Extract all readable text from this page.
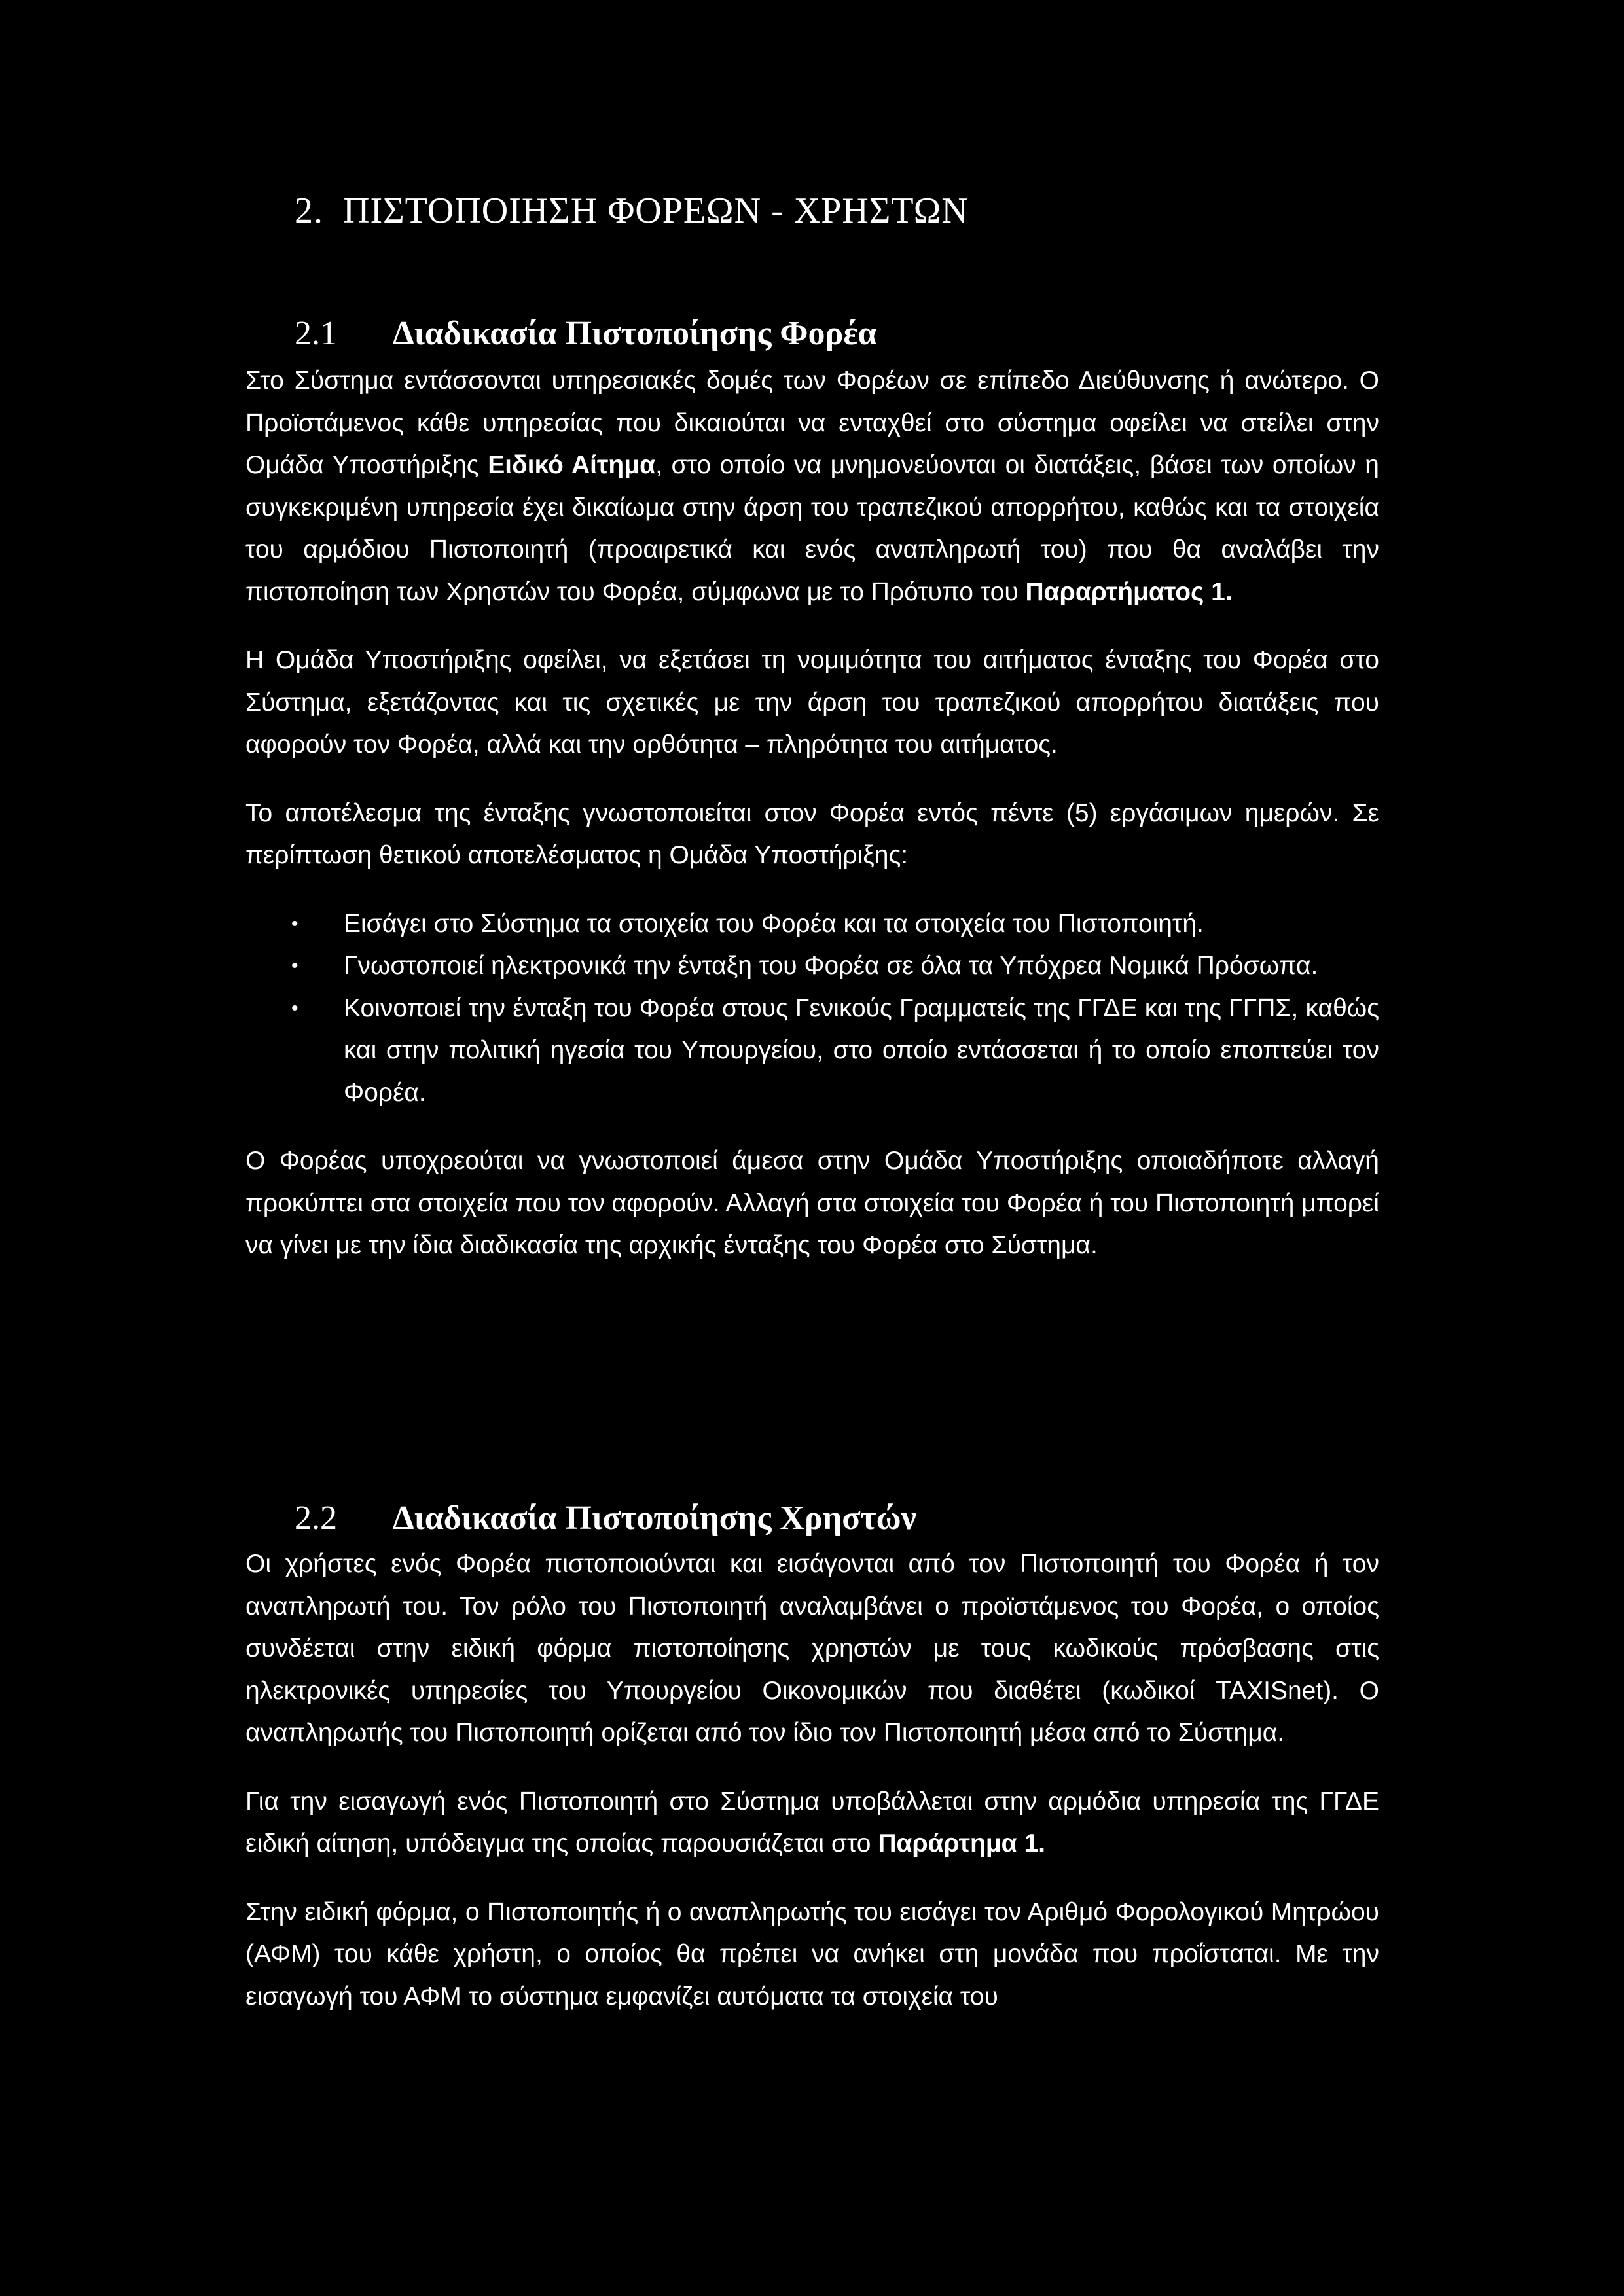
2. ΠΙΣΤΟΠΟΙΗΣΗ ΦΟΡΕΩΝ - ΧΡΗΣΤΩΝ
2.1 Διαδικασία Πιστοποίησης Φορέα

Στο Σύστημα εντάσσονται υπηρεσιακές δομές των Φορέων σε επίπεδο Διεύθυνσης ή ανώτερο. Ο Προϊστάμενος κάθε υπηρεσίας που δικαιούται να ενταχθεί στο σύστημα οφείλει να στείλει στην Ομάδα Υποστήριξης Ειδικό Αίτημα, στο οποίο να μνημονεύονται οι διατάξεις, βάσει των οποίων η συγκεκριμένη υπηρεσία έχει δικαίωμα στην άρση του τραπεζικού απορρήτου, καθώς και τα στοιχεία του αρμόδιου Πιστοποιητή (προαιρετικά και ενός αναπληρωτή του) που θα αναλάβει την πιστοποίηση των Χρηστών του Φορέα, σύμφωνα με το Πρότυπο του Παραρτήματος 1.

Η Ομάδα Υποστήριξης οφείλει, να εξετάσει τη νομιμότητα του αιτήματος ένταξης του Φορέα στο Σύστημα, εξετάζοντας και τις σχετικές με την άρση του τραπεζικού απορρήτου διατάξεις που αφορούν τον Φορέα, αλλά και την ορθότητα – πληρότητα του αιτήματος.

Το αποτέλεσμα της ένταξης γνωστοποιείται στον Φορέα εντός πέντε (5) εργάσιμων ημερών. Σε περίπτωση θετικού αποτελέσματος η Ομάδα Υποστήριξης:

• Εισάγει στο Σύστημα τα στοιχεία του Φορέα και τα στοιχεία του Πιστοποιητή.
• Γνωστοποιεί ηλεκτρονικά την ένταξη του Φορέα σε όλα τα Υπόχρεα Νομικά Πρόσωπα.
• Κοινοποιεί την ένταξη του Φορέα στους Γενικούς Γραμματείς της ΓΓΔΕ και της ΓΓΠΣ, καθώς και στην πολιτική ηγεσία του Υπουργείου, στο οποίο εντάσσεται ή το οποίο εποπτεύει τον Φορέα.

Ο Φορέας υποχρεούται να γνωστοποιεί άμεσα στην Ομάδα Υποστήριξης οποιαδήποτε αλλαγή προκύπτει στα στοιχεία που τον αφορούν. Αλλαγή στα στοιχεία του Φορέα ή του Πιστοποιητή μπορεί να γίνει με την ίδια διαδικασία της αρχικής ένταξης του Φορέα στο Σύστημα.

2.2 Διαδικασία Πιστοποίησης Χρηστών

Οι χρήστες ενός Φορέα πιστοποιούνται και εισάγονται από τον Πιστοποιητή του Φορέα ή τον αναπληρωτή του. Τον ρόλο του Πιστοποιητή αναλαμβάνει ο προϊστάμενος του Φορέα, ο οποίος συνδέεται στην ειδική φόρμα πιστοποίησης χρηστών με τους κωδικούς πρόσβασης στις ηλεκτρονικές υπηρεσίες του Υπουργείου Οικονομικών που διαθέτει (κωδικοί TAXISnet). Ο αναπληρωτής του Πιστοποιητή ορίζεται από τον ίδιο τον Πιστοποιητή μέσα από το Σύστημα.

Για την εισαγωγή ενός Πιστοποιητή στο Σύστημα υποβάλλεται στην αρμόδια υπηρεσία της ΓΓΔΕ ειδική αίτηση, υπόδειγμα της οποίας παρουσιάζεται στο Παράρτημα 1.

Στην ειδική φόρμα, ο Πιστοποιητής ή ο αναπληρωτής του εισάγει τον Αριθμό Φορολογικού Μητρώου (ΑΦΜ) του κάθε χρήστη, ο οποίος θα πρέπει να ανήκει στη μονάδα που προΐσταται. Με την εισαγωγή του ΑΦΜ το σύστημα εμφανίζει αυτόματα τα στοιχεία του
